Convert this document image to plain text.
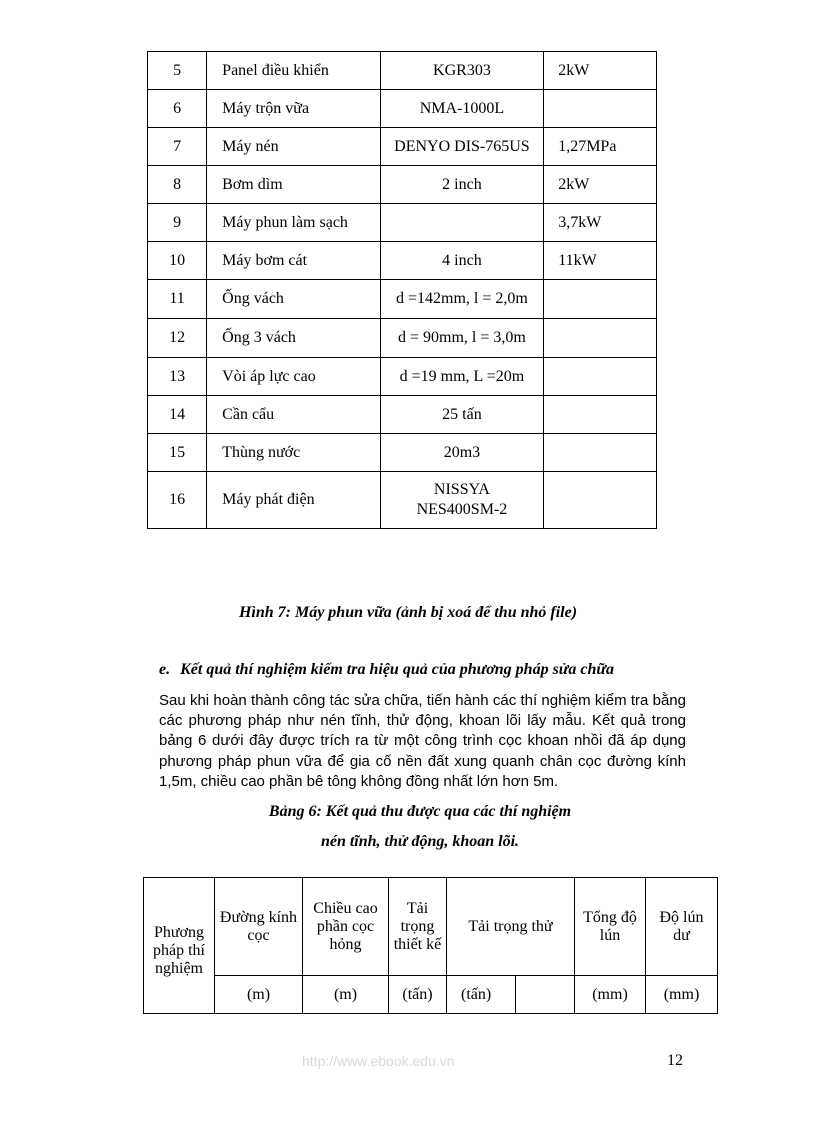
5	Panel điều khiển	KGR303	2kW
6	Máy trộn vữa	NMA-1000L	
7	Máy nén	DENYO DIS-765US	1,27MPa
8	Bơm dìm	2 inch	2kW
9	Máy phun làm sạch		3,7kW
10	Máy bơm cát	4 inch	11kW
11	Ống vách	d =142mm, l = 2,0m	
12	Ống 3 vách	d = 90mm, l = 3,0m	
13	Vòi áp lực cao	d =19 mm, L =20m	
14	Cần cẩu	25 tấn	
15	Thùng nước	20m3	
16	Máy phát điện	NISSYA
NES400SM-2	
Hình 7: Máy phun vữa (ảnh bị xoá để thu nhỏ file)
e. Kết quả thí nghiệm kiểm tra hiệu quả của phương pháp sửa chữa
Sau khi hoàn thành công tác sửa chữa, tiến hành các thí nghiệm kiểm tra bằng các phương pháp như nén tĩnh, thử động, khoan lõi lấy mẫu. Kết quả trong bảng 6 dưới đây được trích ra từ một công trình cọc khoan nhồi đã áp dụng phương pháp phun vữa để gia cố nền đất xung quanh chân cọc đường kính 1,5m, chiều cao phần bê tông không đồng nhất lớn hơn 5m.
Bảng 6: Kết quả thu được qua các thí nghiệm
nén tĩnh, thử động, khoan lõi.
Phương pháp thí nghiệm	Đường kính cọc	Chiều cao phần cọc hỏng	Tải trọng thiết kế	Tải trọng thử		Tổng độ lún	Độ lún dư
	(m)	(m)	(tấn)	(tấn)		(mm)	(mm)
http://www.ebook.edu.vn	12
